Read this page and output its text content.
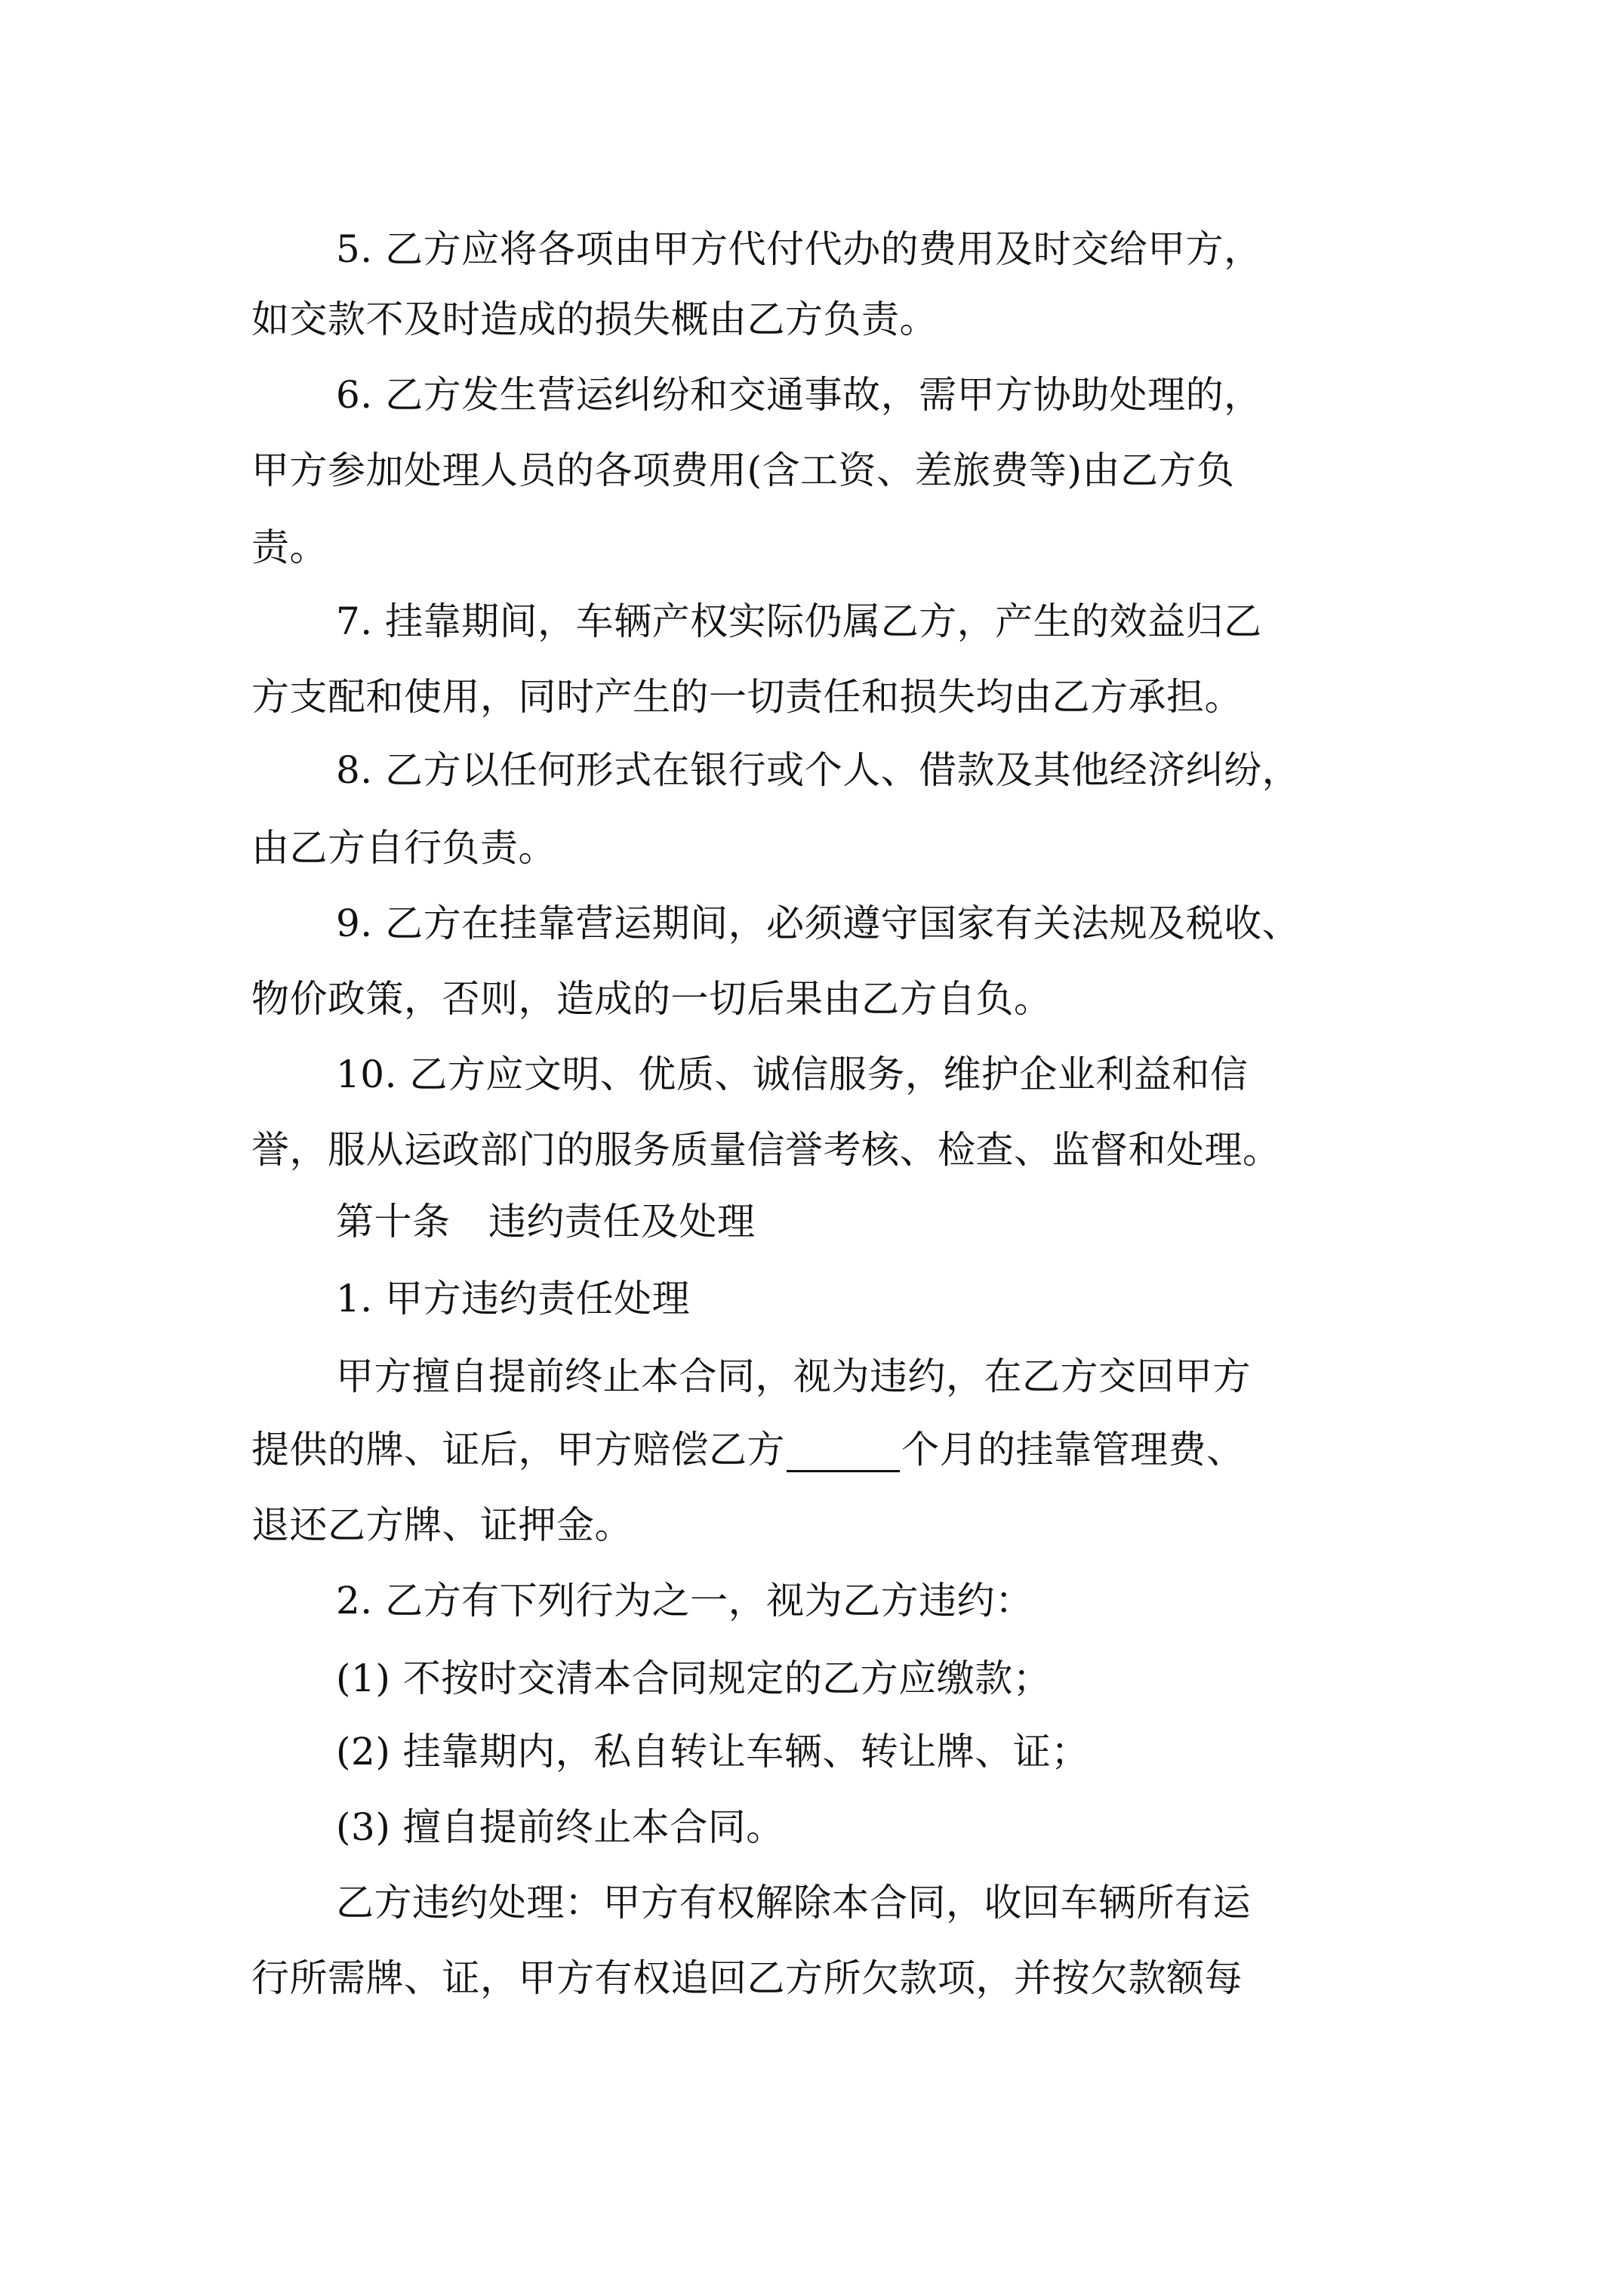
5. 乙方应将各项由甲方代付代办的费用及时交给甲方，
如交款不及时造成的损失概由乙方负责。
6. 乙方发生营运纠纷和交通事故，需甲方协助处理的，
甲方参加处理人员的各项费用(含工资、差旅费等)由乙方负
责。
7. 挂靠期间，车辆产权实际仍属乙方，产生的效益归乙
方支配和使用，同时产生的一切责任和损失均由乙方承担。
8. 乙方以任何形式在银行或个人、借款及其他经济纠纷，
由乙方自行负责。
9. 乙方在挂靠营运期间，必须遵守国家有关法规及税收、
物价政策，否则，造成的一切后果由乙方自负。
10. 乙方应文明、优质、诚信服务，维护企业利益和信
誉，服从运政部门的服务质量信誉考核、检查、监督和处理。
第十条　违约责任及处理
1. 甲方违约责任处理
甲方擅自提前终止本合同，视为违约，在乙方交回甲方
提供的牌、证后，甲方赔偿乙方	个月的挂靠管理费、
退还乙方牌、证押金。
2. 乙方有下列行为之一，视为乙方违约：
(1) 不按时交清本合同规定的乙方应缴款；
(2) 挂靠期内，私自转让车辆、转让牌、证；
(3) 擅自提前终止本合同。
乙方违约处理：甲方有权解除本合同，收回车辆所有运
行所需牌、证，甲方有权追回乙方所欠款项，并按欠款额每
